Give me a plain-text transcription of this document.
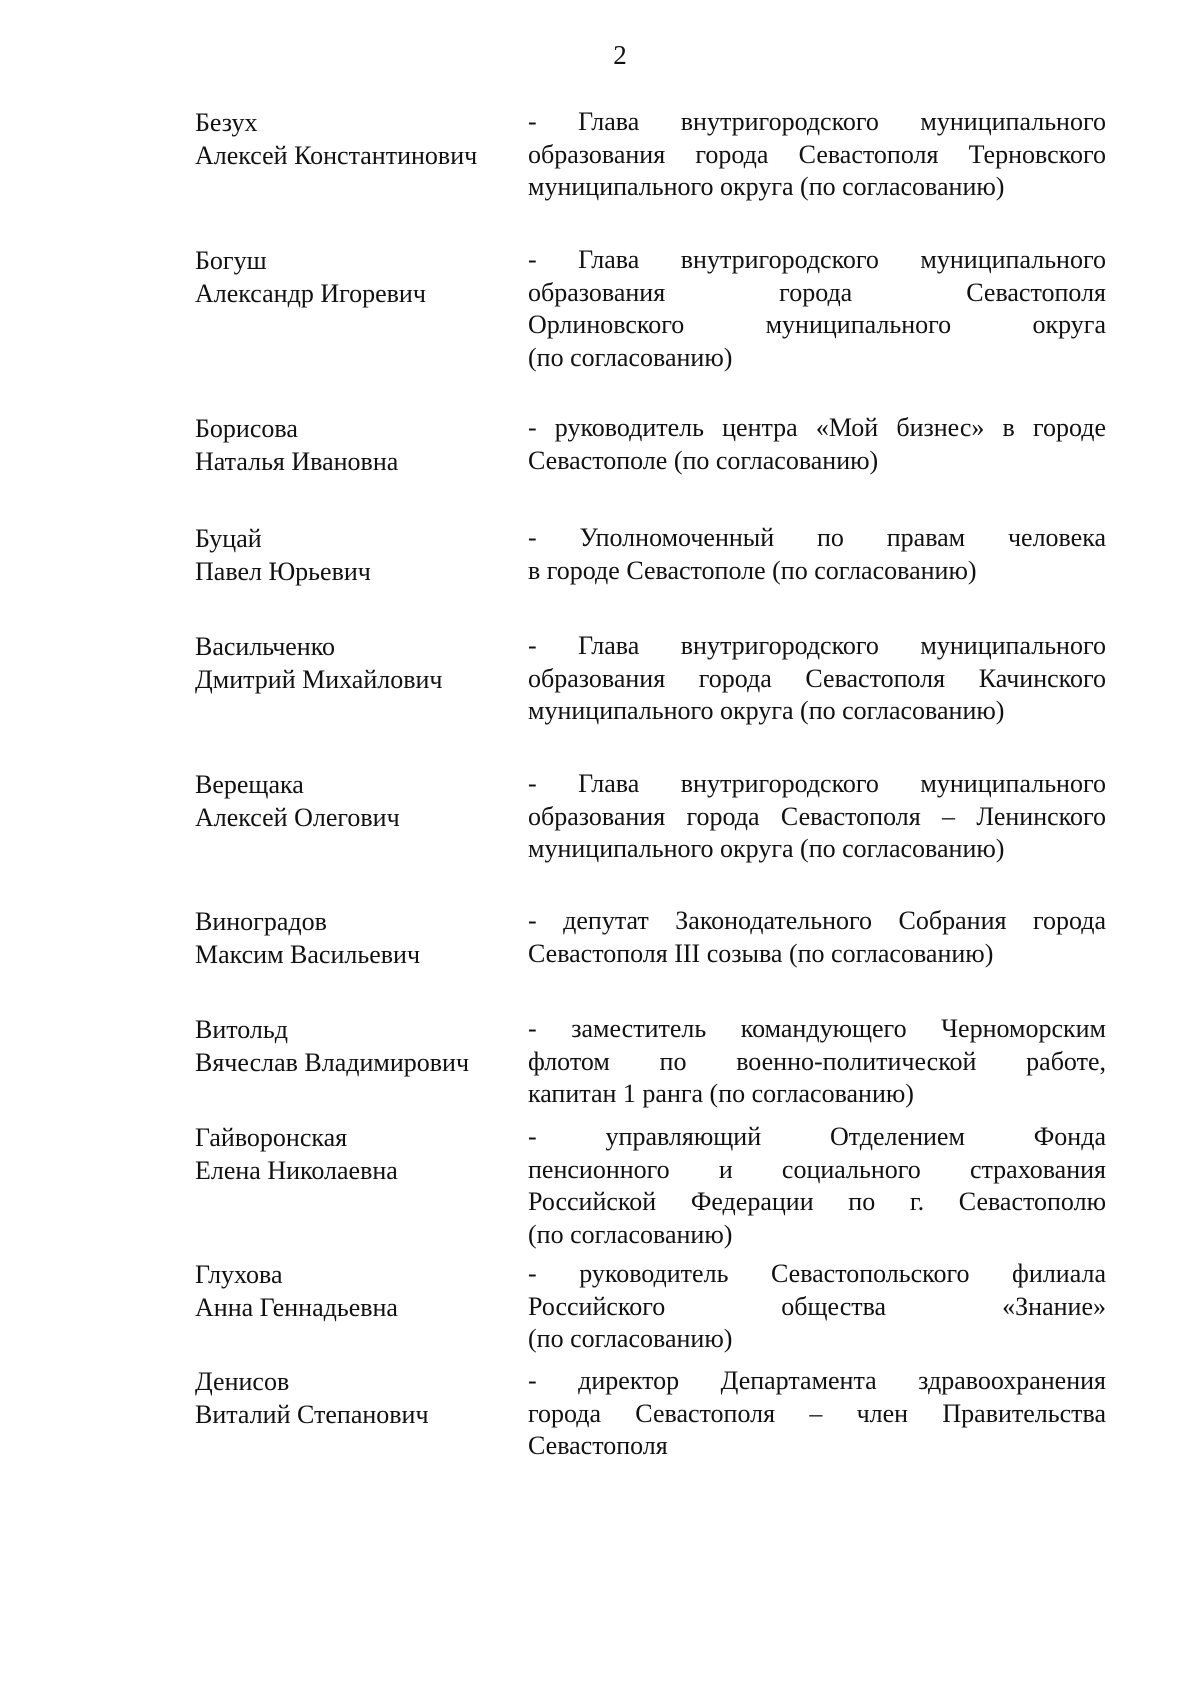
2
Безух
Алексей Константинович
- Глава внутригородского муниципального
образования города Севастополя Терновского
муниципального округа (по согласованию)
Богуш
Александр Игоревич
- Глава внутригородского муниципального
образования города Севастополя
Орлиновского муниципального округа
(по согласованию)
Борисова
Наталья Ивановна
- руководитель центра «Мой бизнес» в городе
Севастополе (по согласованию)
Буцай
Павел Юрьевич
- Уполномоченный по правам человека
в городе Севастополе (по согласованию)
Васильченко
Дмитрий Михайлович
- Глава внутригородского муниципального
образования города Севастополя Качинского
муниципального округа (по согласованию)
Верещака
Алексей Олегович
- Глава внутригородского муниципального
образования города Севастополя – Ленинского
муниципального округа (по согласованию)
Виноградов
Максим Васильевич
- депутат Законодательного Собрания города
Севастополя III созыва (по согласованию)
Витольд
Вячеслав Владимирович
- заместитель командующего Черноморским
флотом по военно-политической работе,
капитан 1 ранга (по согласованию)
Гайворонская
Елена Николаевна
- управляющий Отделением Фонда
пенсионного и социального страхования
Российской Федерации по г. Севастополю
(по согласованию)
Глухова
Анна Геннадьевна
- руководитель Севастопольского филиала
Российского общества «Знание»
(по согласованию)
Денисов
Виталий Степанович
- директор Департамента здравоохранения
города Севастополя – член Правительства
Севастополя
